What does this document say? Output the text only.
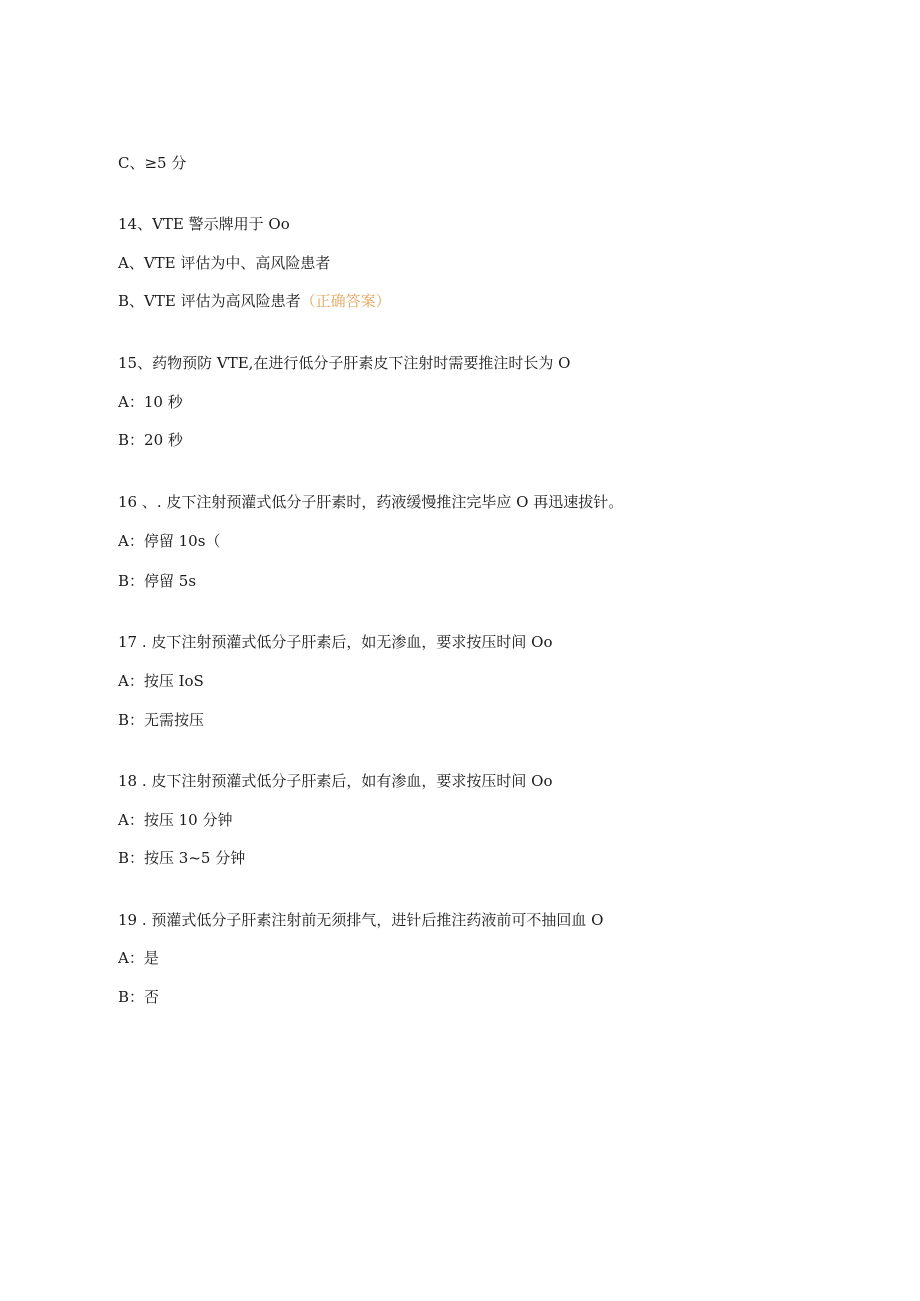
C、≥5 分
14、VTE 警示牌用于 Oo
A、VTE 评估为中、高风险患者
B、VTE 评估为高风险患者（正确答案）
15、药物预防 VTE,在进行低分子肝素皮下注射时需要推注时长为 O
A：10 秒
B：20 秒
16 、. 皮下注射预灌式低分子肝素时，药液缓慢推注完毕应 O 再迅速拔针。
A：停留 10s（
B：停留 5s
17 . 皮下注射预灌式低分子肝素后，如无渗血，要求按压时间 Oo
A：按压 IoS
B：无需按压
18 . 皮下注射预灌式低分子肝素后，如有渗血，要求按压时间 Oo
A：按压 10 分钟
B：按压 3~5 分钟
19 . 预灌式低分子肝素注射前无须排气，进针后推注药液前可不抽回血 O
A：是
B：否
